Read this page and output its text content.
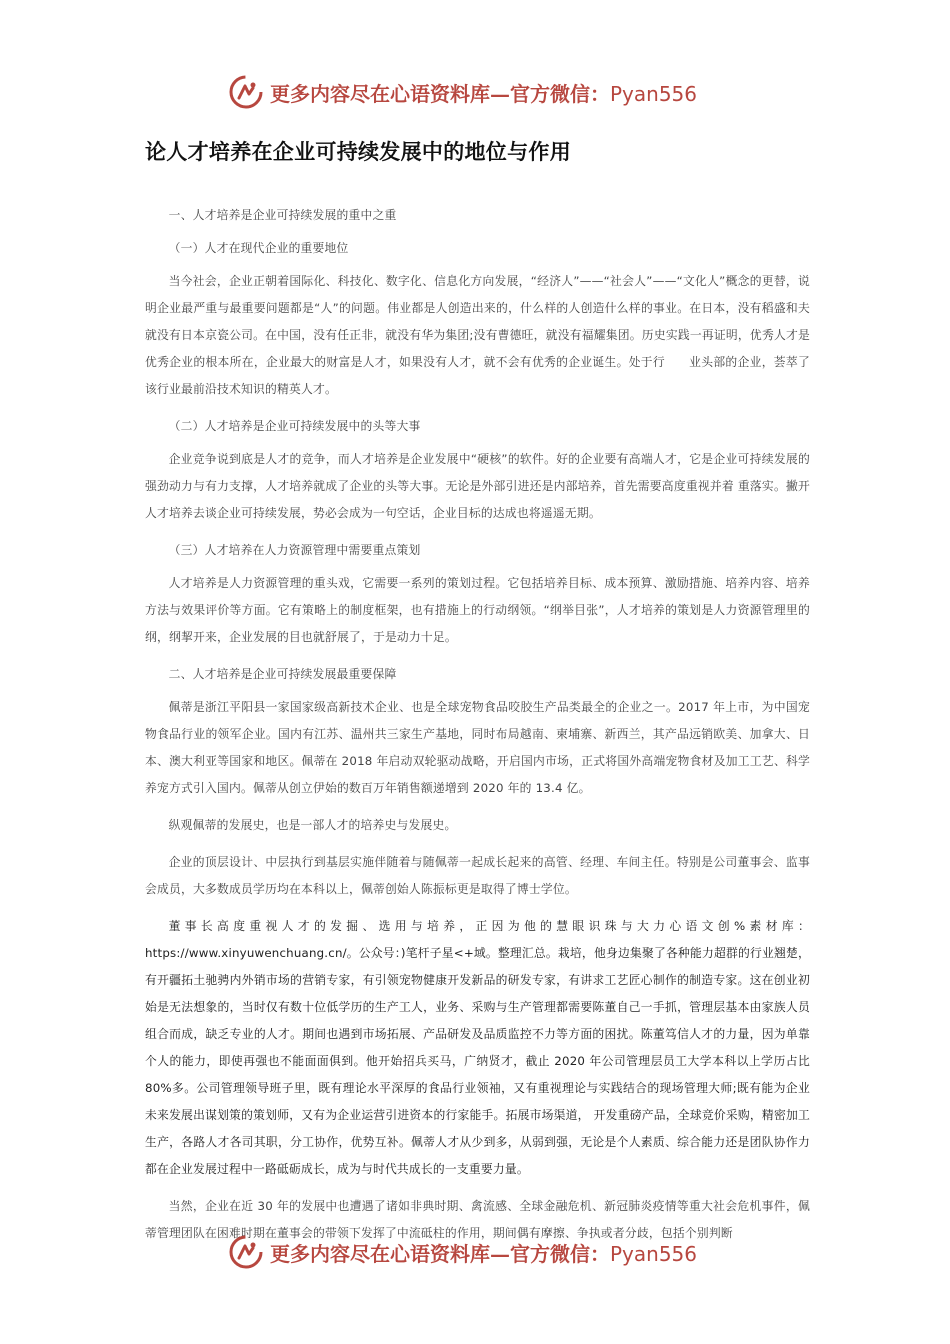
更多内容尽在心语资料库—官方微信：Pyan556
论人才培养在企业可持续发展中的地位与作用

一、人才培养是企业可持续发展的重中之重

（一）人才在现代企业的重要地位

当今社会，企业正朝着国际化、科技化、数字化、信息化方向发展，“经济人”——“社会人”——“文化人”概念的更替，说明企业最严重与最重要问题都是“人”的问题。伟业都是人创造出来的，什么样的人创造什么样的事业。在日本，没有稻盛和夫就没有日本京瓷公司。在中国，没有任正非，就没有华为集团;没有曹德旺，就没有福耀集团。历史实践一再证明，优秀人才是优秀企业的根本所在，企业最大的财富是人才，如果没有人才，就不会有优秀的企业诞生。处于行　　业头部的企业，荟萃了该行业最前沿技术知识的精英人才。

（二）人才培养是企业可持续发展中的头等大事

企业竞争说到底是人才的竞争，而人才培养是企业发展中“硬核”的软件。好的企业要有高端人才，它是企业可持续发展的强劲动力与有力支撑，人才培养就成了企业的头等大事。无论是外部引进还是内部培养，首先需要高度重视并着 重落实。撇开人才培养去谈企业可持续发展，势必会成为一句空话，企业目标的达成也将遥遥无期。

（三）人才培养在人力资源管理中需要重点策划

人才培养是人力资源管理的重头戏，它需要一系列的策划过程。它包括培养目标、成本预算、激励措施、培养内容、培养方法与效果评价等方面。它有策略上的制度框架，也有措施上的行动纲领。“纲举目张”，人才培养的策划是人力资源管理里的纲，纲挈开来，企业发展的目也就舒展了，于是动力十足。

二、人才培养是企业可持续发展最重要保障

佩蒂是浙江平阳县一家国家级高新技术企业、也是全球宠物食品咬胶生产品类最全的企业之一。2017 年上市，为中国宠物食品行业的领军企业。国内有江苏、温州共三家生产基地，同时布局越南、柬埔寨、新西兰，其产品远销欧美、加拿大、日本、澳大利亚等国家和地区。佩蒂在 2018 年启动双轮驱动战略，开启国内市场，正式将国外高端宠物食材及加工工艺、科学养宠方式引入国内。佩蒂从创立伊始的数百万年销售额递增到 2020 年的 13.4 亿。

纵观佩蒂的发展史，也是一部人才的培养史与发展史。

企业的顶层设计、中层执行到基层实施伴随着与随佩蒂一起成长起来的高管、经理、车间主任。特别是公司董事会、监事会成员，大多数成员学历均在本科以上，佩蒂创始人陈振标更是取得了博士学位。

董事长高度重视人才的发掘、选用与培养，正因为他的慧眼识珠与大力心语文创%素材库：https://www.xinyuwenchuang.cn/。公众号：)笔杆子星<+域。整理汇总。栽培，他身边集聚了各种能力超群的行业翘楚，有开疆拓土驰骋内外销市场的营销专家，有引领宠物健康开发新品的研发专家，有讲求工艺匠心制作的制造专家。这在创业初始是无法想象的，当时仅有数十位低学历的生产工人，业务、采购与生产管理都需要陈董自己一手抓，管理层基本由家族人员组合而成，缺乏专业的人才。期间也遇到市场拓展、产品研发及品质监控不力等方面的困扰。陈董笃信人才的力量，因为单靠个人的能力，即使再强也不能面面俱到。他开始招兵买马，广纳贤才，截止 2020 年公司管理层员工大学本科以上学历占比 80%多。公司管理领导班子里，既有理论水平深厚的食品行业领袖，又有重视理论与实践结合的现场管理大师;既有能为企业未来发展出谋划策的策划师，又有为企业运营引进资本的行家能手。拓展市场渠道， 开发重磅产品，全球竞价采购，精密加工生产，各路人才各司其职，分工协作，优势互补。佩蒂人才从少到多，从弱到强，无论是个人素质、综合能力还是团队协作力都在企业发展过程中一路砥砺成长，成为与时代共成长的一支重要力量。

当然，企业在近 30 年的发展中也遭遇了诸如非典时期、禽流感、全球金融危机、新冠肺炎疫情等重大社会危机事件，佩蒂管理团队在困难时期在董事会的带领下发挥了中流砥柱的作用，期间偶有摩擦、争执或者分歧，包括个别判断

更多内容尽在心语资料库—官方微信：Pyan556
